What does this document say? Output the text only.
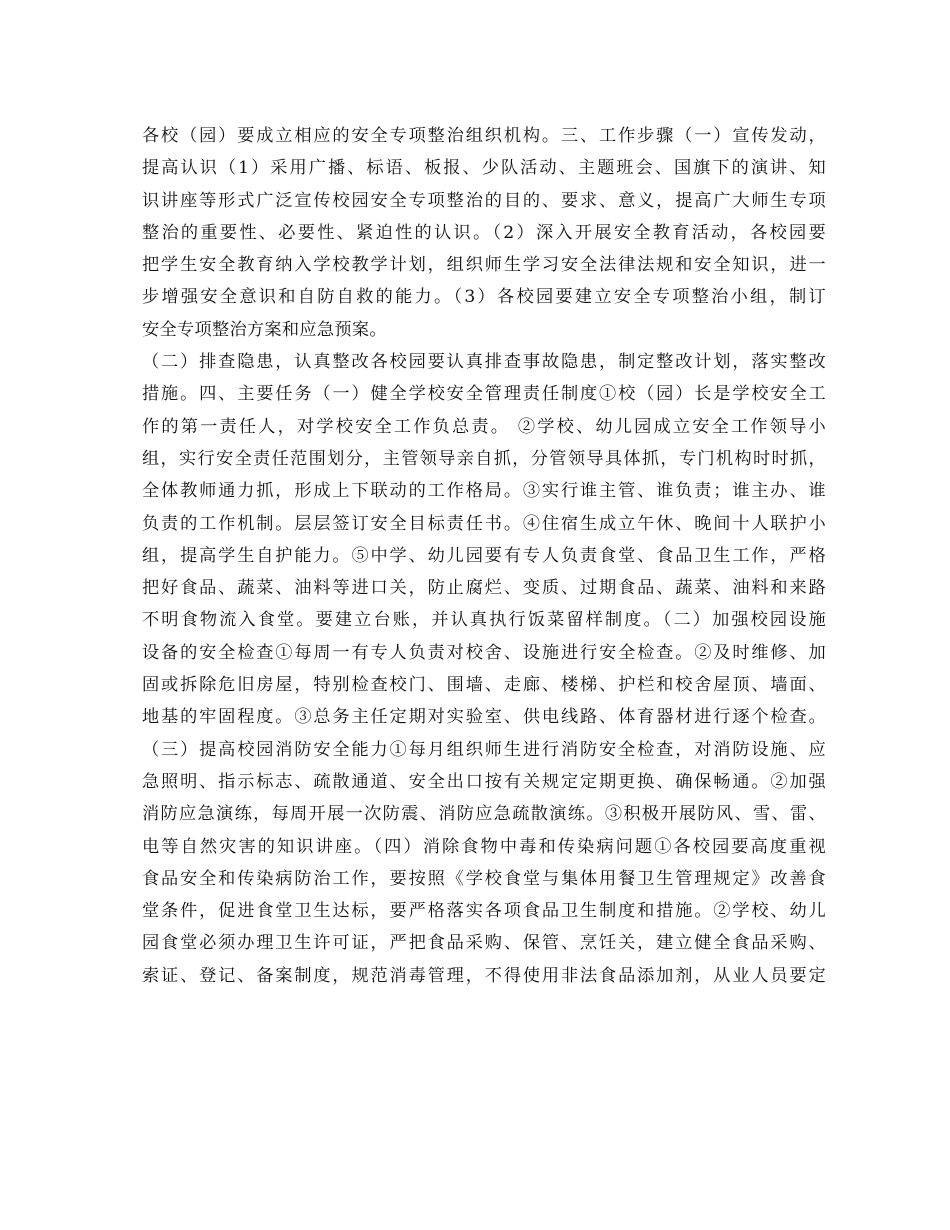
各校（园）要成立相应的安全专项整治组织机构。三、工作步骤（一）宣传发动，
提高认识（1）采用广播、标语、板报、少队活动、主题班会、国旗下的演讲、知
识讲座等形式广泛宣传校园安全专项整治的目的、要求、意义，提高广大师生专项
整治的重要性、必要性、紧迫性的认识。（2）深入开展安全教育活动，各校园要
把学生安全教育纳入学校教学计划，组织师生学习安全法律法规和安全知识，进一
步增强安全意识和自防自救的能力。（3）各校园要建立安全专项整治小组，制订
安全专项整治方案和应急预案。
（二）排查隐患，认真整改各校园要认真排查事故隐患，制定整改计划，落实整改
措施。四、主要任务（一）健全学校安全管理责任制度①校（园）长是学校安全工
作的第一责任人，对学校安全工作负总责。 ②学校、幼儿园成立安全工作领导小
组，实行安全责任范围划分，主管领导亲自抓，分管领导具体抓，专门机构时时抓，
全体教师通力抓，形成上下联动的工作格局。③实行谁主管、谁负责；谁主办、谁
负责的工作机制。层层签订安全目标责任书。④住宿生成立午休、晚间十人联护小
组，提高学生自护能力。⑤中学、幼儿园要有专人负责食堂、食品卫生工作，严格
把好食品、蔬菜、油料等进口关，防止腐烂、变质、过期食品、蔬菜、油料和来路
不明食物流入食堂。要建立台账，并认真执行饭菜留样制度。（二）加强校园设施
设备的安全检查①每周一有专人负责对校舍、设施进行安全检查。②及时维修、加
固或拆除危旧房屋，特别检查校门、围墙、走廊、楼梯、护栏和校舍屋顶、墙面、
地基的牢固程度。③总务主任定期对实验室、供电线路、体育器材进行逐个检查。
（三）提高校园消防安全能力①每月组织师生进行消防安全检查，对消防设施、应
急照明、指示标志、疏散通道、安全出口按有关规定定期更换、确保畅通。②加强
消防应急演练，每周开展一次防震、消防应急疏散演练。③积极开展防风、雪、雷、
电等自然灾害的知识讲座。（四）消除食物中毒和传染病问题①各校园要高度重视
食品安全和传染病防治工作，要按照《学校食堂与集体用餐卫生管理规定》改善食
堂条件，促进食堂卫生达标，要严格落实各项食品卫生制度和措施。②学校、幼儿
园食堂必须办理卫生许可证，严把食品采购、保管、烹饪关，建立健全食品采购、
索证、登记、备案制度，规范消毒管理，不得使用非法食品添加剂，从业人员要定
